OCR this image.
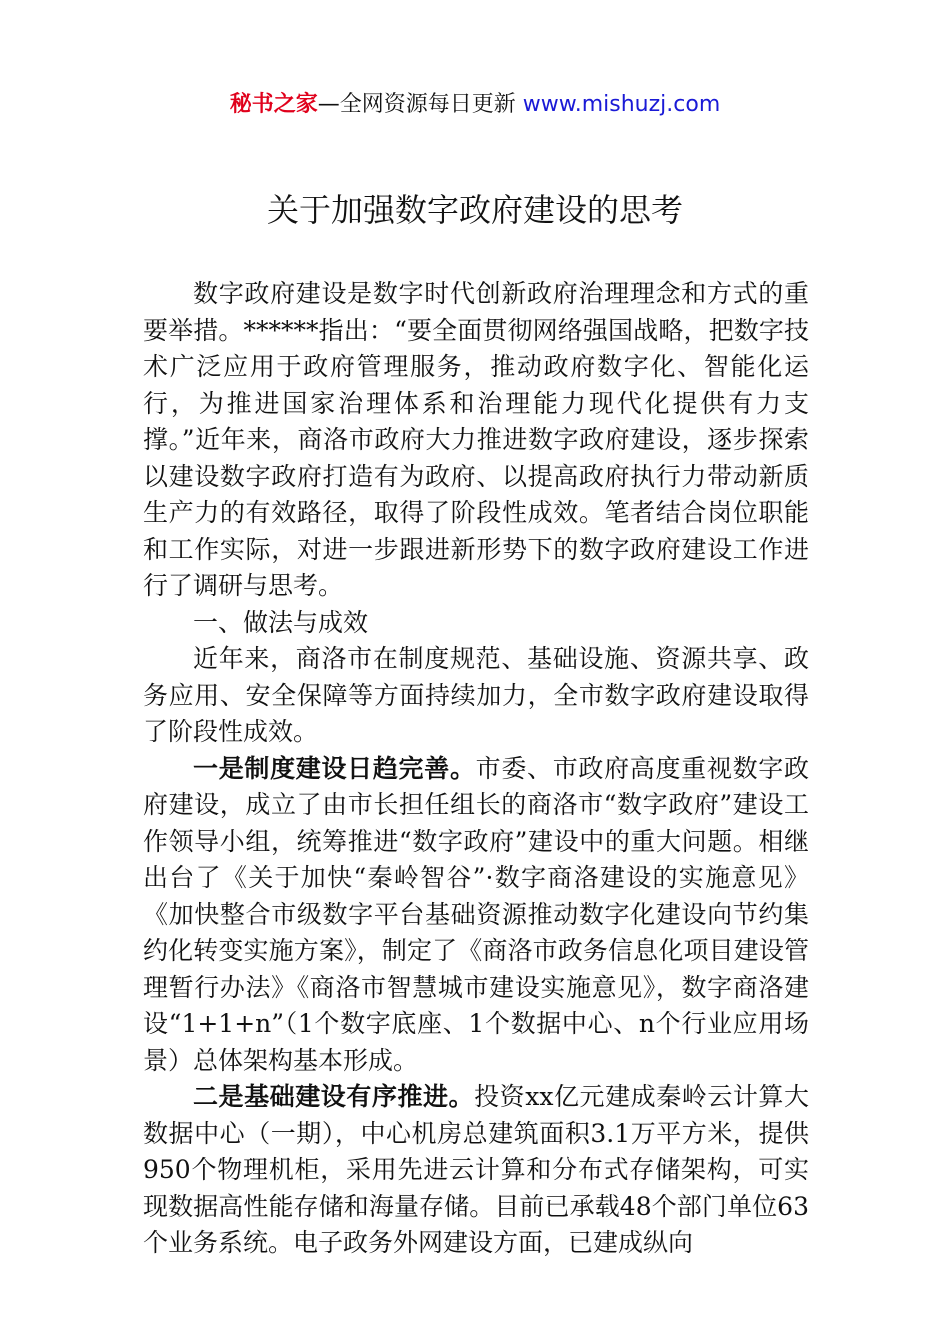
秘书之家—全网资源每日更新 www.mishuzj.com
关于加强数字政府建设的思考

数字政府建设是数字时代创新政府治理理念和方式的重要举措。******指出：“要全面贯彻网络强国战略，把数字技术广泛应用于政府管理服务，推动政府数字化、智能化运行，为推进国家治理体系和治理能力现代化提供有力支撑。”近年来，商洛市政府大力推进数字政府建设，逐步探索以建设数字政府打造有为政府、以提高政府执行力带动新质生产力的有效路径，取得了阶段性成效。笔者结合岗位职能和工作实际，对进一步跟进新形势下的数字政府建设工作进行了调研与思考。

一、做法与成效

近年来，商洛市在制度规范、基础设施、资源共享、政务应用、安全保障等方面持续加力，全市数字政府建设取得了阶段性成效。

一是制度建设日趋完善。市委、市政府高度重视数字政府建设，成立了由市长担任组长的商洛市“数字政府”建设工作领导小组，统筹推进“数字政府”建设中的重大问题。相继出台了《关于加快“秦岭智谷”·数字商洛建设的实施意见》《加快整合市级数字平台基础资源推动数字化建设向节约集约化转变实施方案》，制定了《商洛市政务信息化项目建设管理暂行办法》《商洛市智慧城市建设实施意见》，数字商洛建设“1+1+n”（1个数字底座、1个数据中心、n个行业应用场景）总体架构基本形成。

二是基础建设有序推进。投资xx亿元建成秦岭云计算大数据中心（一期），中心机房总建筑面积3.1万平方米，提供950个物理机柜，采用先进云计算和分布式存储架构，可实现数据高性能存储和海量存储。目前已承载48个部门单位63个业务系统。电子政务外网建设方面，已建成纵向
